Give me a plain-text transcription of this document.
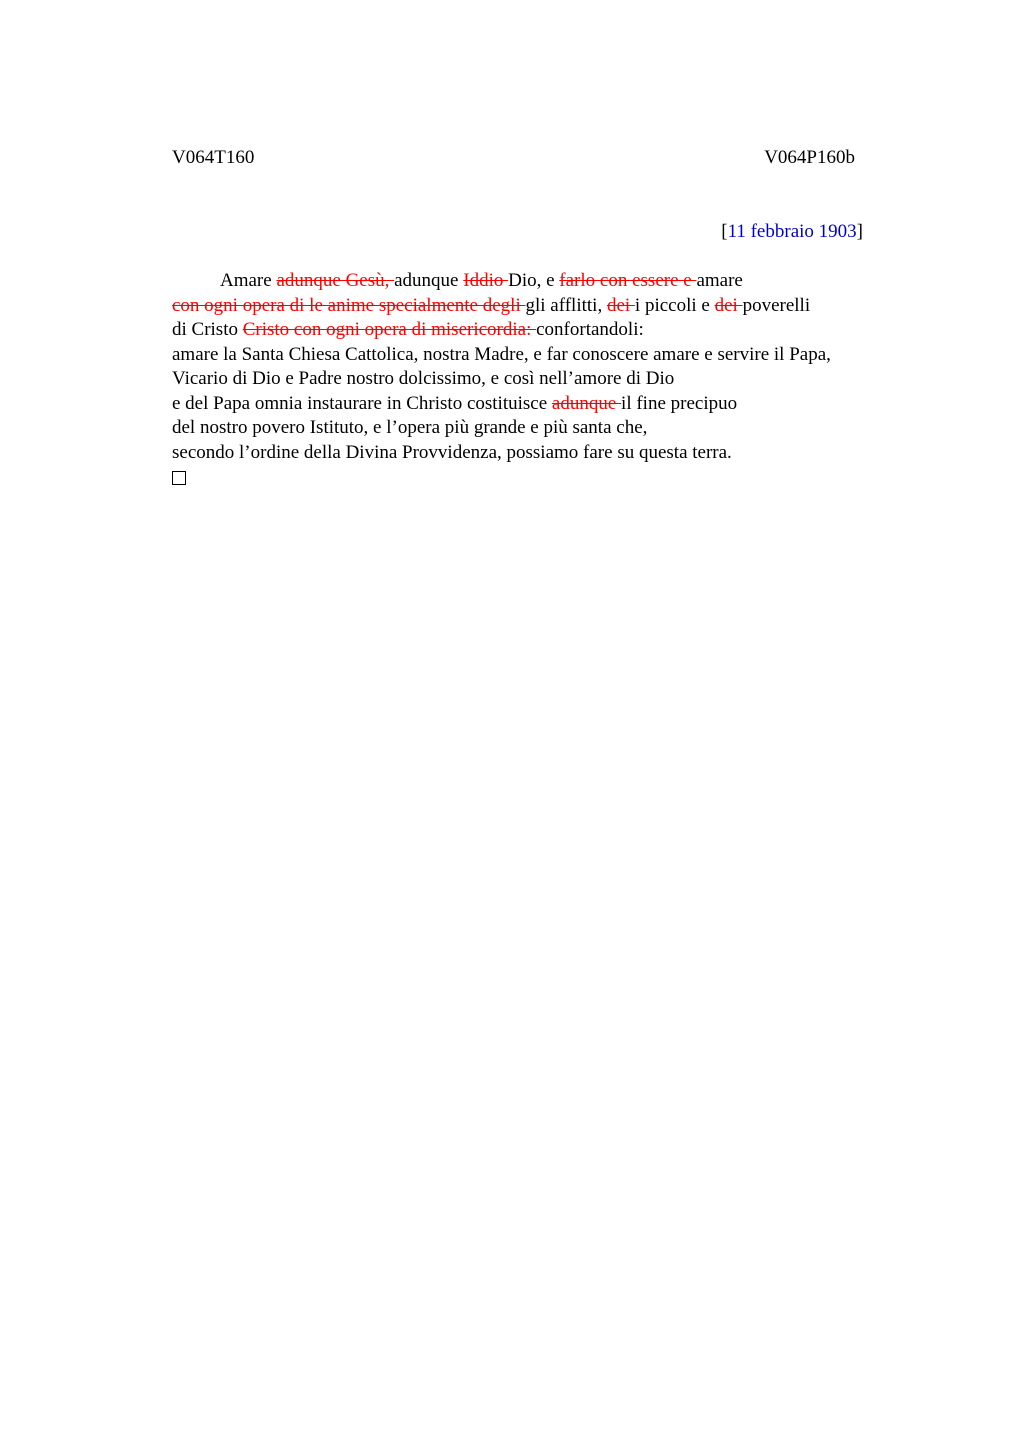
V064T160	V064P160b
[11 febbraio 1903]
Amare adunque Gesù, adunque Iddio Dio, e farlo con essere e amare
con ogni opera di le anime specialmente degli gli afflitti, dei i piccoli e dei poverelli
di Cristo Cristo con ogni opera di misericordia: confortandoli:
amare la Santa Chiesa Cattolica, nostra Madre, e far conoscere amare e servire il Papa,
Vicario di Dio e Padre nostro dolcissimo, e così nell’amore di Dio
e del Papa omnia instaurare in Christo costituisce adunque il fine precipuo
del nostro povero Istituto, e l’opera più grande e più santa che,
secondo l’ordine della Divina Provvidenza, possiamo fare su questa terra.
